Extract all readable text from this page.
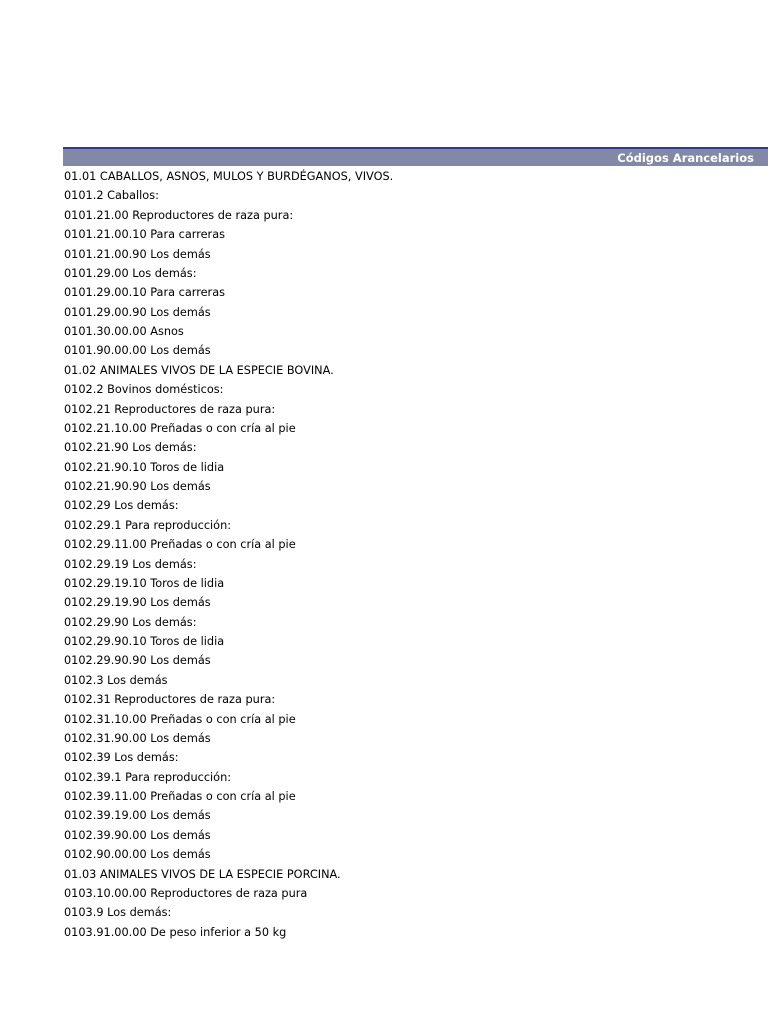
Códigos Arancelarios
01.01 CABALLOS, ASNOS, MULOS Y BURDÉGANOS, VIVOS.
0101.2 Caballos:
0101.21.00 Reproductores de raza pura:
0101.21.00.10 Para carreras
0101.21.00.90 Los demás
0101.29.00 Los demás:
0101.29.00.10 Para carreras
0101.29.00.90 Los demás
0101.30.00.00 Asnos
0101.90.00.00 Los demás
01.02 ANIMALES VIVOS DE LA ESPECIE BOVINA.
0102.2 Bovinos domésticos:
0102.21 Reproductores de raza pura:
0102.21.10.00 Preñadas o con cría al pie
0102.21.90 Los demás:
0102.21.90.10 Toros de lidia
0102.21.90.90 Los demás
0102.29 Los demás:
0102.29.1 Para reproducción:
0102.29.11.00 Preñadas o con cría al pie
0102.29.19 Los demás:
0102.29.19.10 Toros de lidia
0102.29.19.90 Los demás
0102.29.90 Los demás:
0102.29.90.10 Toros de lidia
0102.29.90.90 Los demás
0102.3 Los demás
0102.31 Reproductores de raza pura:
0102.31.10.00 Preñadas o con cría al pie
0102.31.90.00 Los demás
0102.39 Los demás:
0102.39.1 Para reproducción:
0102.39.11.00 Preñadas o con cría al pie
0102.39.19.00 Los demás
0102.39.90.00 Los demás
0102.90.00.00 Los demás
01.03 ANIMALES VIVOS DE LA ESPECIE PORCINA.
0103.10.00.00 Reproductores de raza pura
0103.9 Los demás:
0103.91.00.00 De peso inferior a 50 kg
